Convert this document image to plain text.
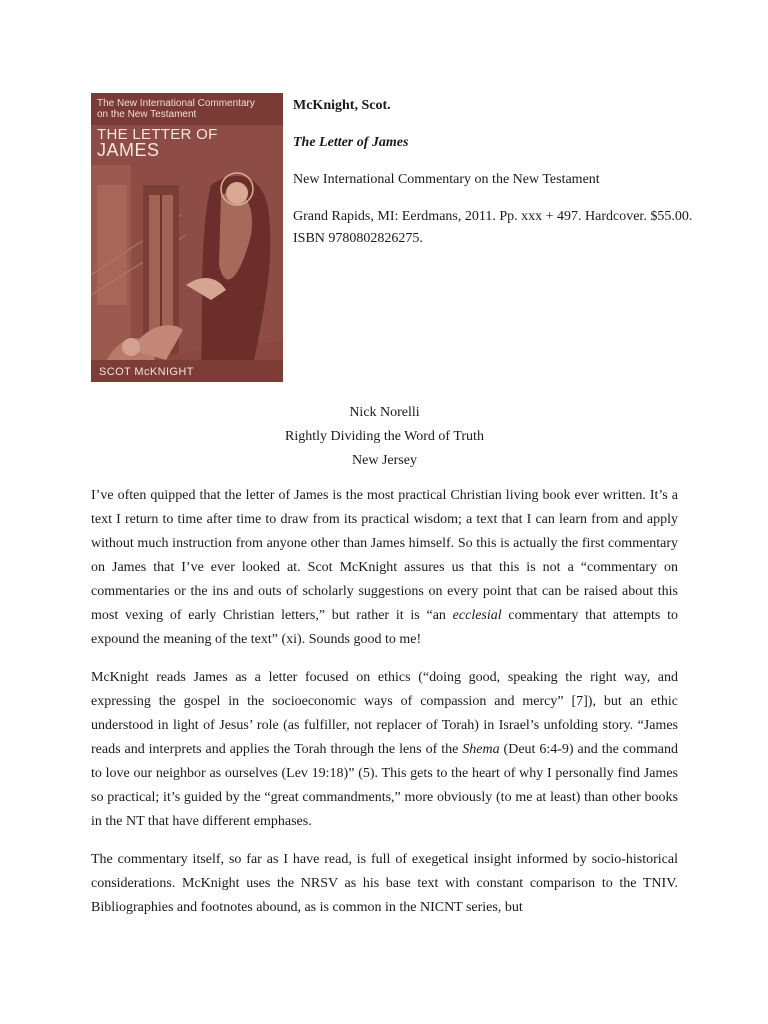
The New International Commentary
on the New Testament
THE LETTER OF
JAMES
SCOT McKNIGHT

McKnight, Scot.

The Letter of James

New International Commentary on the New Testament

Grand Rapids, MI: Eerdmans, 2011. Pp. xxx + 497. Hardcover. $55.00. ISBN 9780802826275.

Nick Norelli
Rightly Dividing the Word of Truth
New Jersey

I’ve often quipped that the letter of James is the most practical Christian living book ever written. It’s a text I return to time after time to draw from its practical wisdom; a text that I can learn from and apply without much instruction from anyone other than James himself. So this is actually the first commentary on James that I’ve ever looked at. Scot McKnight assures us that this is not a “commentary on commentaries or the ins and outs of scholarly suggestions on every point that can be raised about this most vexing of early Christian letters,” but rather it is “an ecclesial commentary that attempts to expound the meaning of the text” (xi). Sounds good to me!

McKnight reads James as a letter focused on ethics (“doing good, speaking the right way, and expressing the gospel in the socioeconomic ways of compassion and mercy” [7]), but an ethic understood in light of Jesus’ role (as fulfiller, not replacer of Torah) in Israel’s unfolding story. “James reads and interprets and applies the Torah through the lens of the Shema (Deut 6:4-9) and the command to love our neighbor as ourselves (Lev 19:18)” (5). This gets to the heart of why I personally find James so practical; it’s guided by the “great commandments,” more obviously (to me at least) than other books in the NT that have different emphases.

The commentary itself, so far as I have read, is full of exegetical insight informed by socio-historical considerations. McKnight uses the NRSV as his base text with constant comparison to the TNIV. Bibliographies and footnotes abound, as is common in the NICNT series, but
